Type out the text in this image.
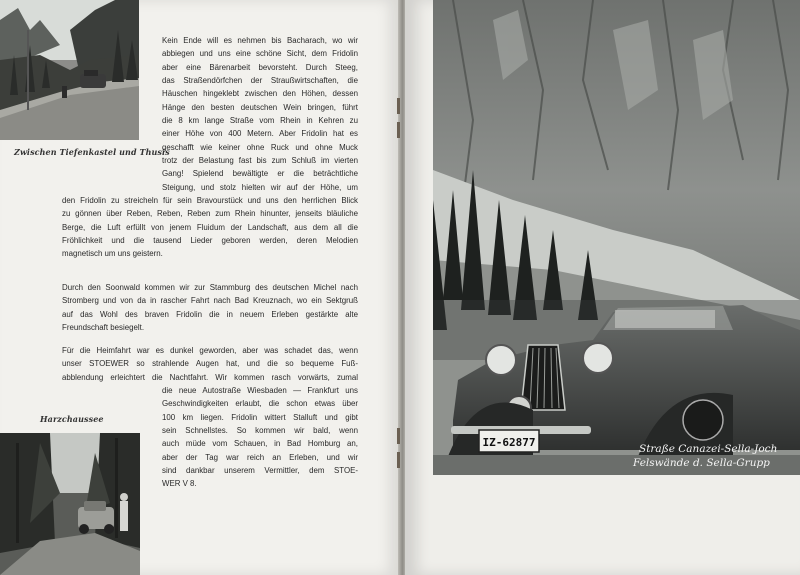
Zwischen Tiefenkastel und Thusis
Harzchaussee
Kein Ende will es nehmen bis Bacharach, wo wir
abbiegen und uns eine schöne Sicht, dem Fridolin
aber eine Bärenarbeit bevorsteht. Durch Steeg,
das Straßendörfchen der Straußwirtschaften, die
Häuschen hingeklebt zwischen den Höhen, dessen
Hänge den besten deutschen Wein bringen, führt
die 8 km lange Straße vom Rhein in Kehren zu
einer Höhe von 400 Metern. Aber Fridolin hat es
geschafft wie keiner ohne Ruck und ohne Muck
trotz der Belastung fast bis zum Schluß im vierten
Gang! Spielend bewältigte er die beträchtliche
Steigung, und stolz hielten wir auf der Höhe, um
den Fridolin zu streicheln für sein Bravourstück und uns den herrlichen Blick
zu gönnen über Reben, Reben, Reben zum Rhein hinunter, jenseits bläuliche
Berge, die Luft erfüllt von jenem Fluidum der Landschaft, aus dem all die
Fröhlichkeit und die tausend Lieder geboren werden, deren Melodien
magnetisch um uns geistern.
Durch den Soonwald kommen wir zur Stammburg des deutschen Michel nach
Stromberg und von da in rascher Fahrt nach Bad Kreuznach, wo ein Sektgruß
auf das Wohl des braven Fridolin die in neuem Erleben gestärkte alte
Freundschaft besiegelt.
Für die Heimfahrt war es dunkel geworden, aber was schadet das, wenn
unser STOEWER so strahlende Augen hat, und die so bequeme Fuß-
abblendung erleichtert die Nachtfahrt. Wir kommen rasch vorwärts, zumal
die neue Autostraße Wiesbaden — Frankfurt uns
Geschwindigkeiten erlaubt, die schon etwas über
100 km liegen. Fridolin wittert Stalluft und gibt
sein Schnellstes. So kommen wir bald, wenn
auch müde vom Schauen, in Bad Homburg an,
aber der Tag war reich an Erleben, und wir
sind dankbar unserem Vermittler, dem STOE-
WER V 8.
IZ-62877	Straße Canazei-Sella-Joch
Felswände d. Sella-Grupp
